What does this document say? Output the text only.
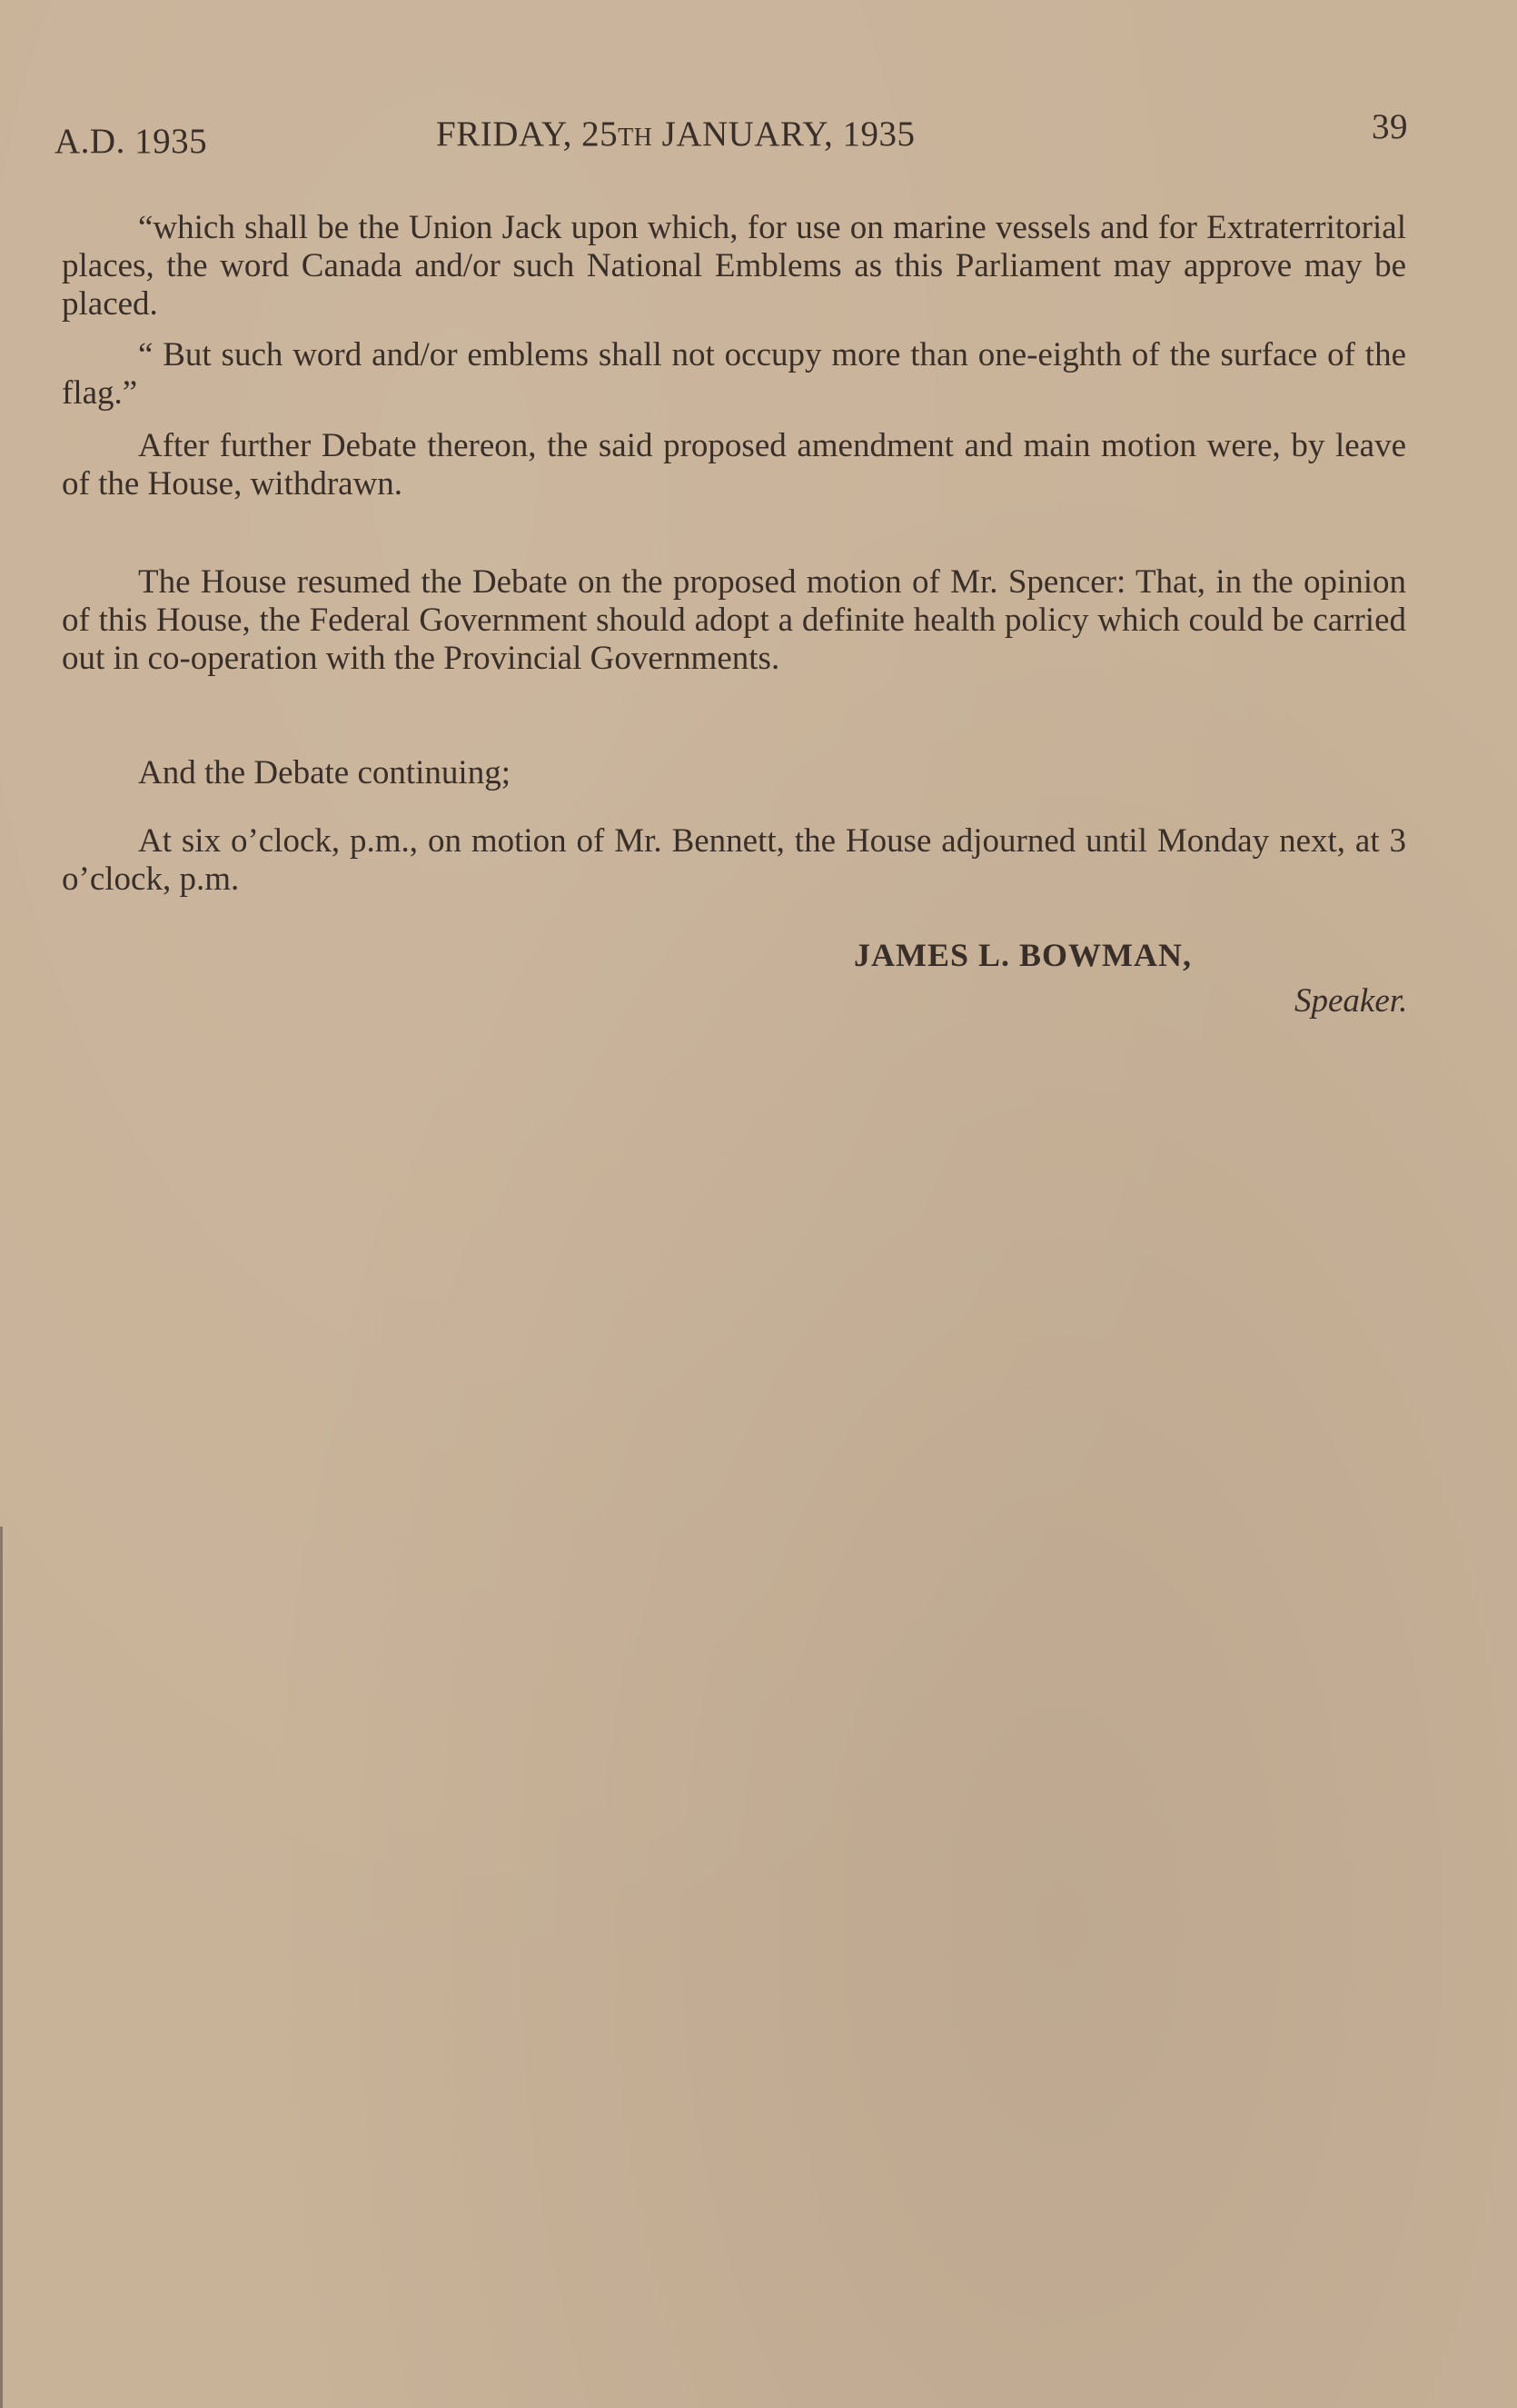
A.D. 1935	FRIDAY, 25TH JANUARY, 1935	39
“which shall be the Union Jack upon which, for use on marine vessels and for Extraterritorial places, the word Canada and/or such National Emblems as this Parliament may approve may be placed.
“ But such word and/or emblems shall not occupy more than one-eighth of the surface of the flag.”
After further Debate thereon, the said proposed amendment and main motion were, by leave of the House, withdrawn.
The House resumed the Debate on the proposed motion of Mr. Spencer: That, in the opinion of this House, the Federal Government should adopt a definite health policy which could be carried out in co-operation with the Provincial Governments.
And the Debate continuing;
At six o’clock, p.m., on motion of Mr. Bennett, the House adjourned until Monday next, at 3 o’clock, p.m.
JAMES L. BOWMAN,
Speaker.
